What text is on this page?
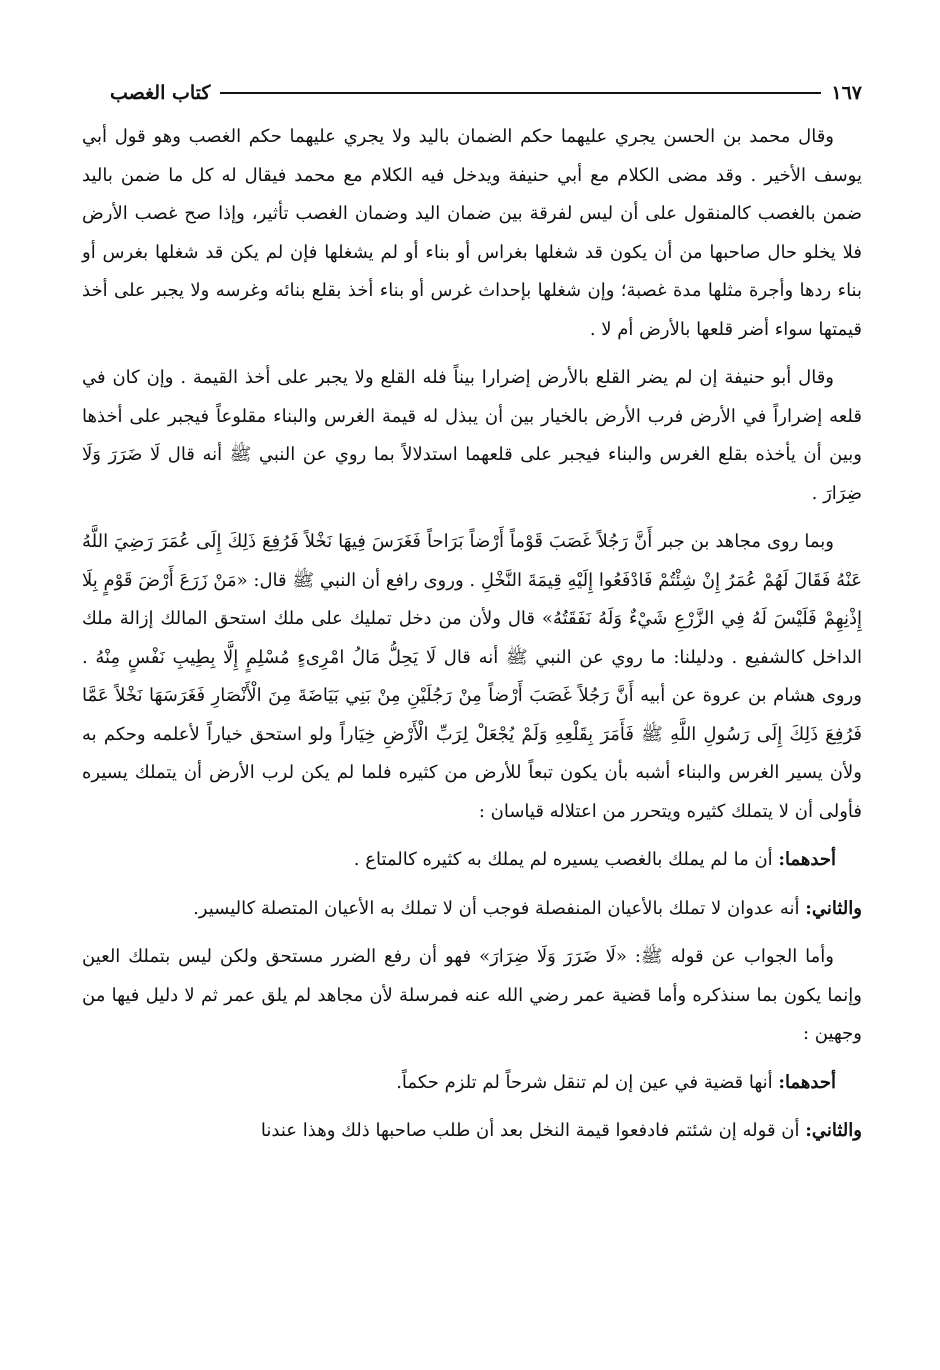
كتاب الغصب	١٦٧

وقال محمد بن الحسن يجري عليهما حكم الضمان باليد ولا يجري عليهما حكم الغصب وهو قول أبي يوسف الأخير . وقد مضى الكلام مع أبي حنيفة ويدخل فيه الكلام مع محمد فيقال له كل ما ضمن باليد ضمن بالغصب كالمنقول على أن ليس لفرقة بين ضمان اليد وضمان الغصب تأثير، وإذا صح غصب الأرض فلا يخلو حال صاحبها من أن يكون قد شغلها بغراس أو بناء أو لم يشغلها فإن لم يكن قد شغلها بغرس أو بناء ردها وأجرة مثلها مدة غصبة؛ وإن شغلها بإحداث غرس أو بناء أخذ بقلع بنائه وغرسه ولا يجبر على أخذ قيمتها سواء أضر قلعها بالأرض أم لا .

وقال أبو حنيفة إن لم يضر القلع بالأرض إضرارا بيناً فله القلع ولا يجبر على أخذ القيمة . وإن كان في قلعه إضراراً في الأرض فرب الأرض بالخيار بين أن يبذل له قيمة الغرس والبناء مقلوعاً فيجبر على أخذها وبين أن يأخذه بقلع الغرس والبناء فيجبر على قلعهما استدلالاً بما روي عن النبي ﷺ أنه قال لَا ضَرَرَ وَلَا ضِرَارَ .

وبما روى مجاهد بن جبر أَنَّ رَجُلاً غَصَبَ قَوْماً أَرْضاً بَرَاحاً فَغَرَسَ فِيهَا نَخْلاً فَرُفِعَ ذَلِكَ إِلَى عُمَرَ رَضِيَ اللَّهُ عَنْهُ فَقَالَ لَهُمْ عُمَرُ إِنْ شِئْتُمْ فَادْفَعُوا إِلَيْهِ قِيمَةَ النَّخْلِ . وروى رافع أن النبي ﷺ قال: «مَنْ زَرَعَ أَرْضَ قَوْمٍ بِلَا إِذْنِهِمْ فَلَيْسَ لَهُ فِي الزَّرْعِ شَيْءٌ وَلَهُ نَفَقَتُهُ» قال ولأن من دخل تمليك على ملك استحق المالك إزالة ملك الداخل كالشفيع . ودليلنا: ما روي عن النبي ﷺ أنه قال لَا يَحِلُّ مَالُ امْرِىءٍ مُسْلِمٍ إِلَّا بِطِيبِ نَفْسٍ مِنْهُ . وروى هشام بن عروة عن أبيه أَنَّ رَجُلاً غَصَبَ أَرْضاً مِنْ رَجُلَيْنِ مِنْ بَنِي بَيَاضَةَ مِنَ الْأَنْصَارِ فَغَرَسَهَا نَخْلاً عَمَّا فَرُفِعَ ذَلِكَ إِلَى رَسُولِ اللَّهِ ﷺ فَأَمَرَ بِقَلْعِهِ وَلَمْ يُجْعَلْ لِرَبِّ الْأَرْضِ خِيَاراً ولو استحق خياراً لأعلمه وحكم به ولأن يسير الغرس والبناء أشبه بأن يكون تبعاً للأرض من كثيره فلما لم يكن لرب الأرض أن يتملك يسيره فأولى أن لا يتملك كثيره ويتحرر من اعتلاله قياسان :

أحدهما: أن ما لم يملك بالغصب يسيره لم يملك به كثيره كالمتاع .

والثاني: أنه عدوان لا تملك بالأعيان المنفصلة فوجب أن لا تملك به الأعيان المتصلة كاليسير.

وأما الجواب عن قوله ﷺ: «لَا ضَرَرَ وَلَا ضِرَارَ» فهو أن رفع الضرر مستحق ولكن ليس بتملك العين وإنما يكون بما سنذكره وأما قضية عمر رضي الله عنه فمرسلة لأن مجاهد لم يلق عمر ثم لا دليل فيها من وجهين :

أحدهما: أنها قضية في عين إن لم تنقل شرحاً لم تلزم حكماً.

والثاني: أن قوله إن شئتم فادفعوا قيمة النخل بعد أن طلب صاحبها ذلك وهذا عندنا
